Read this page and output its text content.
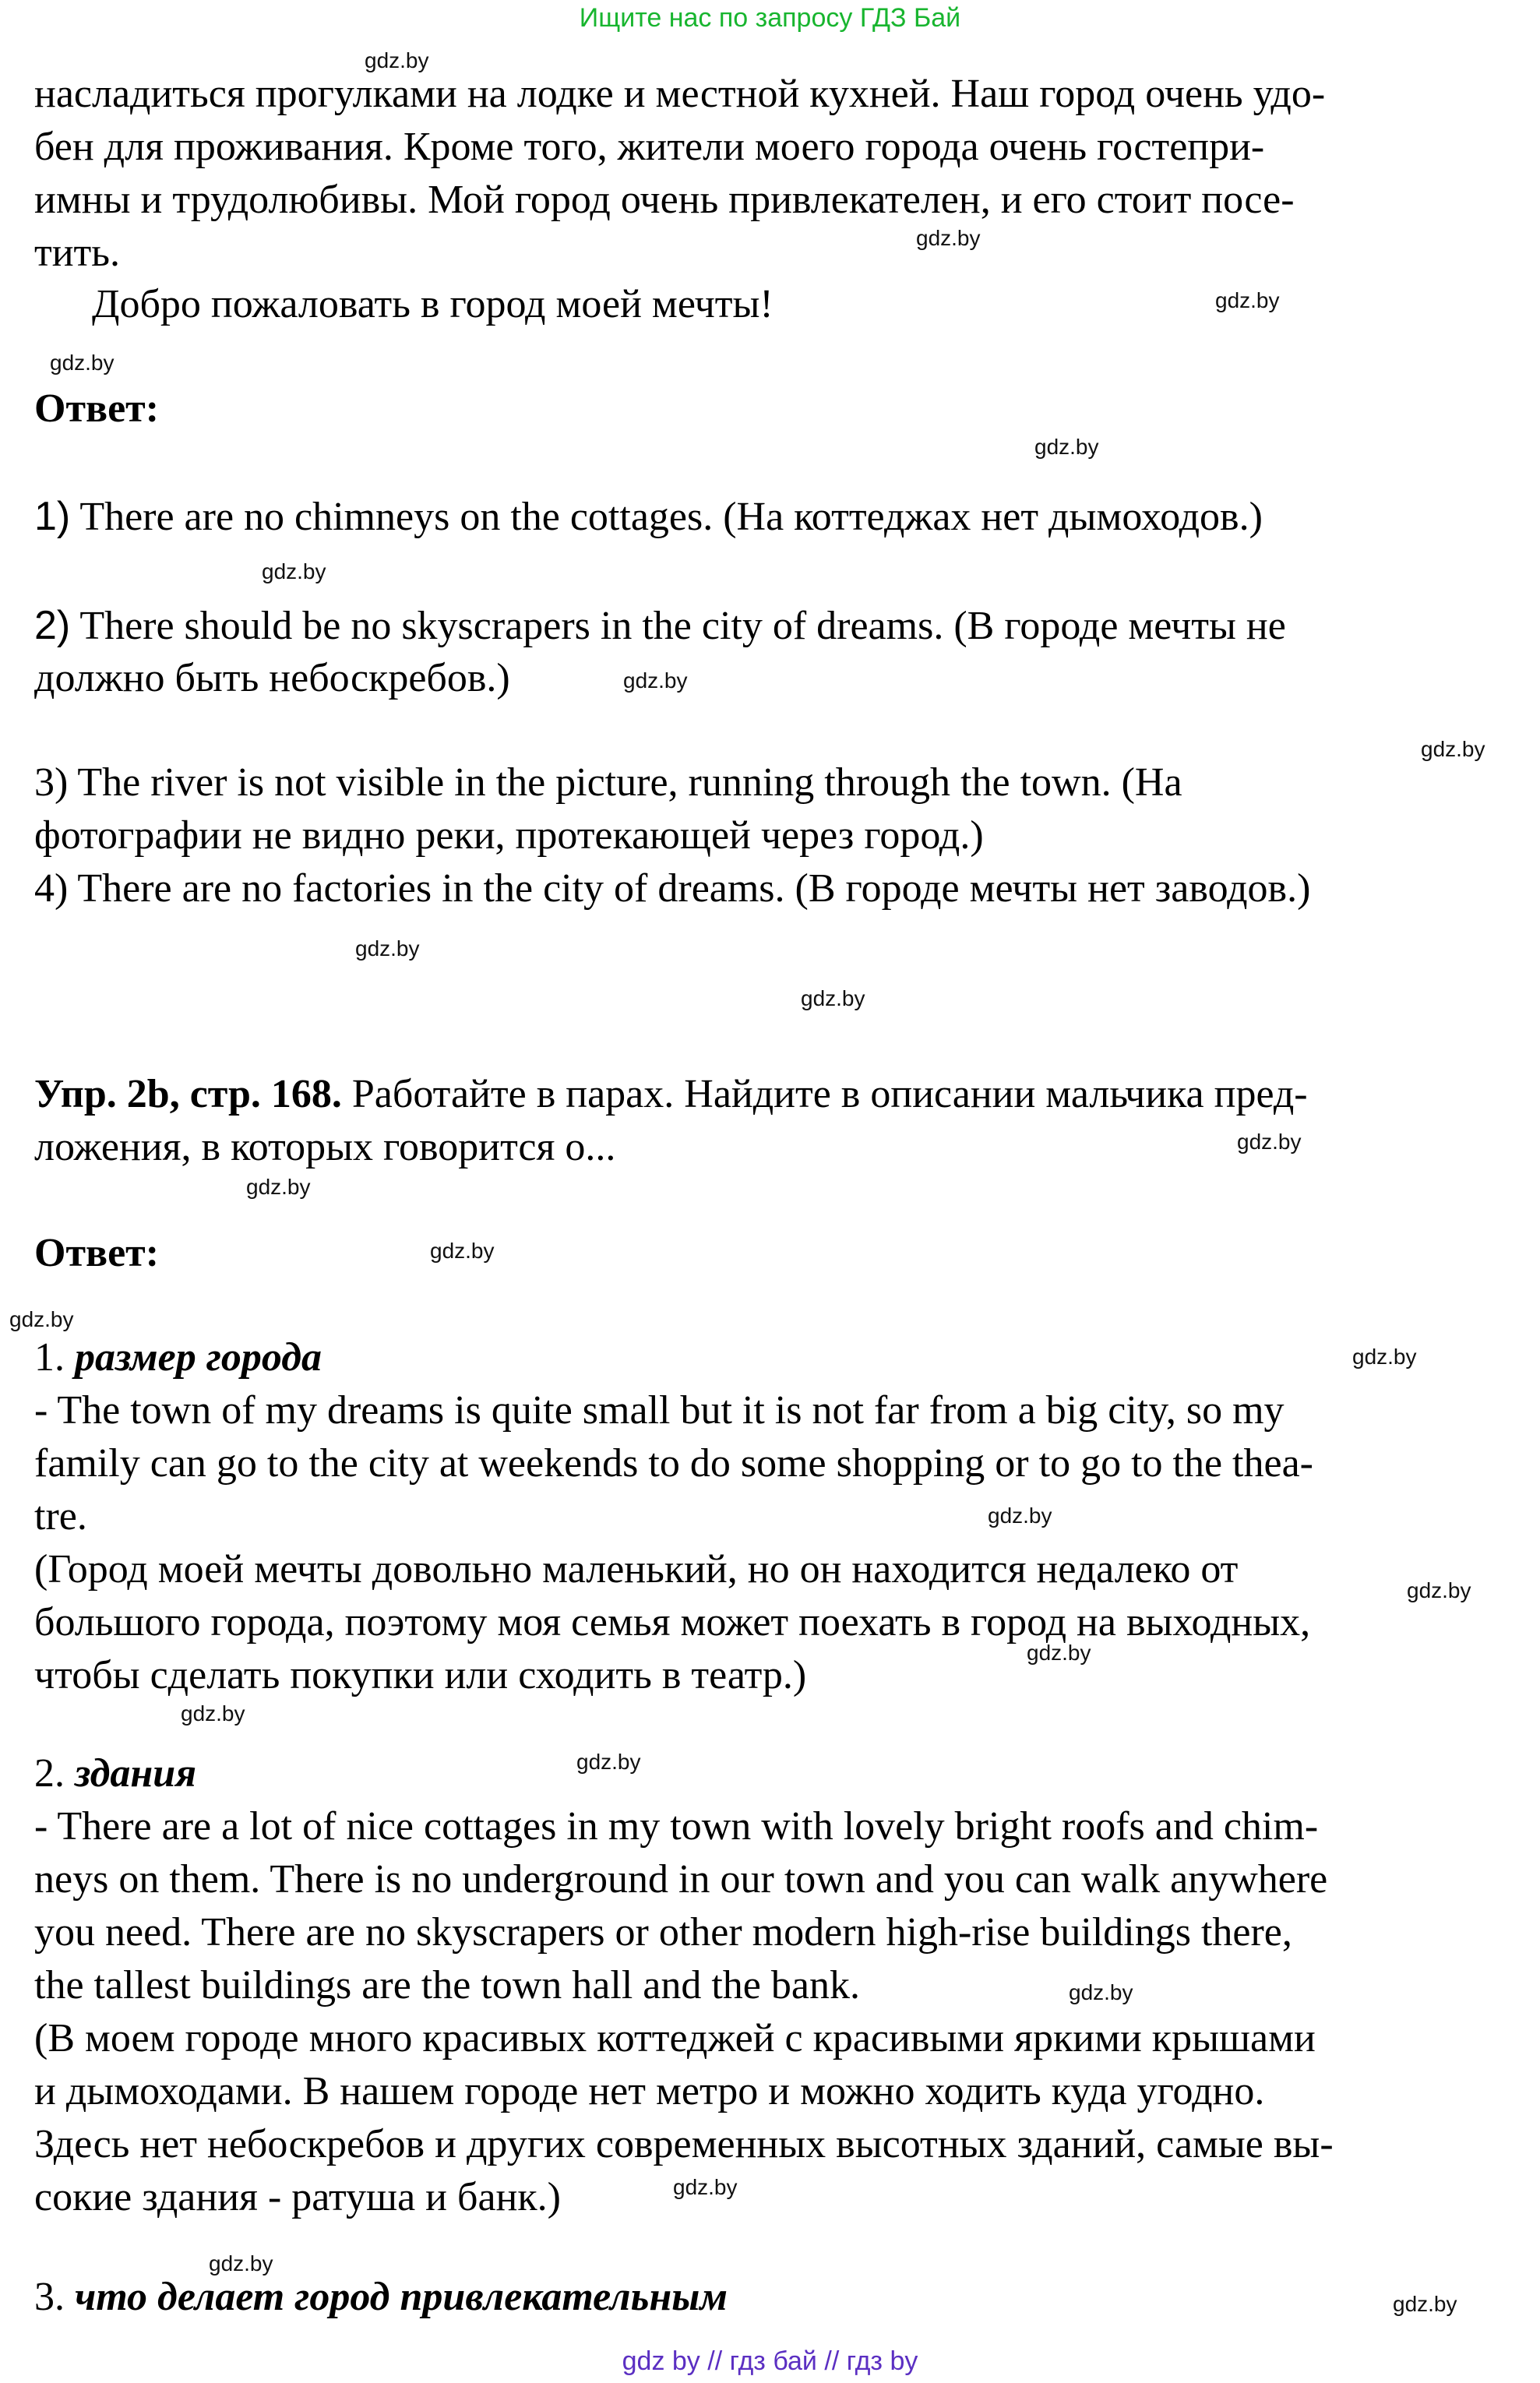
Ищите нас по запросу ГДЗ Бай
насладиться прогулками на лодке и местной кухней. Наш город очень удо-
бен для проживания. Кроме того, жители моего города очень гостепри-
имны и трудолюбивы. Мой город очень привлекателен, и его стоит посе-
тить.
Добро пожаловать в город моей мечты!
Ответ:
1) There are no chimneys on the cottages. (На коттеджах нет дымоходов.)
2) There should be no skyscrapers in the city of dreams. (В городе мечты не
должно быть небоскребов.)
3) The river is not visible in the picture, running through the town. (На
фотографии не видно реки, протекающей через город.)
4) There are no factories in the city of dreams. (В городе мечты нет заводов.)
Упр. 2b, стр. 168. Работайте в парах. Найдите в описании мальчика пред-
ложения, в которых говорится о...
Ответ:
1. размер города
- The town of my dreams is quite small but it is not far from a big city, so my
family can go to the city at weekends to do some shopping or to go to the thea-
tre.
(Город моей мечты довольно маленький, но он находится недалеко от
большого города, поэтому моя семья может поехать в город на выходных,
чтобы сделать покупки или сходить в театр.)
2. здания
- There are a lot of nice cottages in my town with lovely bright roofs and chim-
neys on them. There is no underground in our town and you can walk anywhere
you need. There are no skyscrapers or other modern high-rise buildings there,
the tallest buildings are the town hall and the bank.
(В моем городе много красивых коттеджей с красивыми яркими крышами
и дымоходами. В нашем городе нет метро и можно ходить куда угодно.
Здесь нет небоскребов и других современных высотных зданий, самые вы-
сокие здания - ратуша и банк.)
3. что делает город привлекательным
gdz.by
gdz.by
gdz.by
gdz.by
gdz.by
gdz.by
gdz.by
gdz.by
gdz.by
gdz.by
gdz.by
gdz.by
gdz.by
gdz.by
gdz.by
gdz.by
gdz.by
gdz.by
gdz.by
gdz.by
gdz.by
gdz.by
gdz.by
gdz.by
gdz by // гдз бай // гдз by
